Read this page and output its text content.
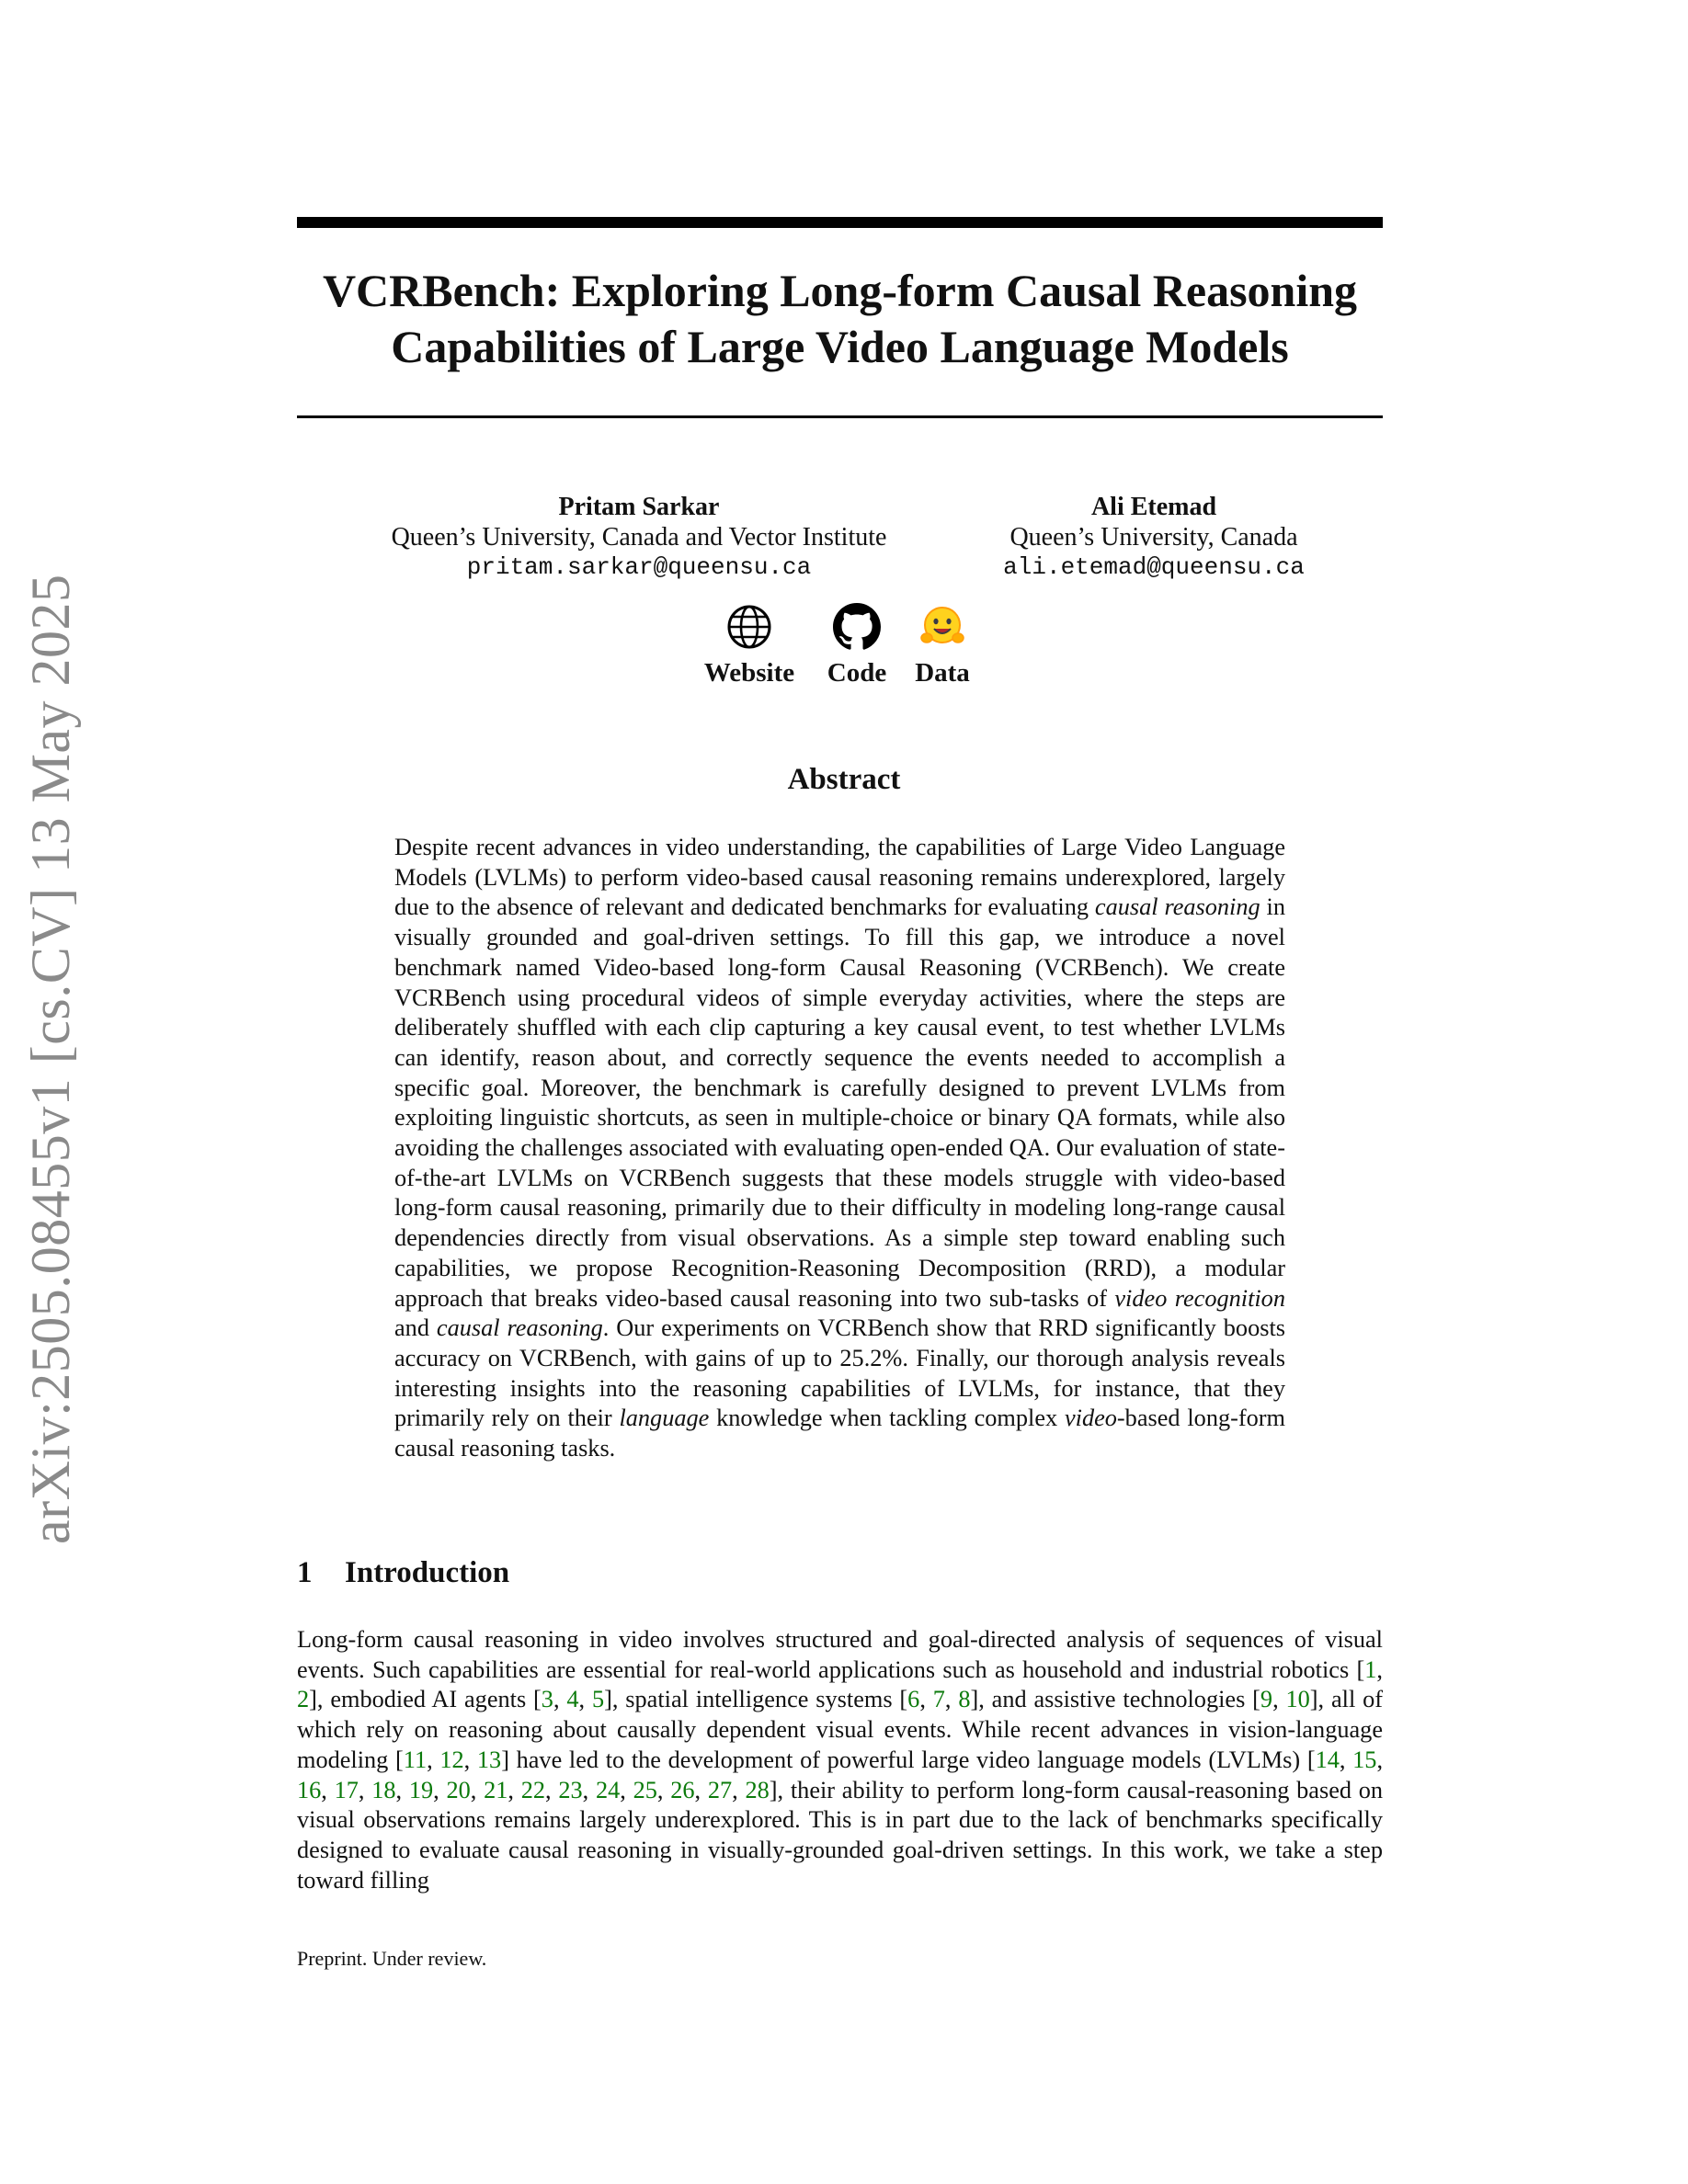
arXiv:2505.08455v1 [cs.CV] 13 May 2025
VCRBench: Exploring Long-form Causal Reasoning
Capabilities of Large Video Language Models
Pritam Sarkar
Queen’s University, Canada and Vector Institute
pritam.sarkar@queensu.ca
Ali Etemad
Queen’s University, Canada
ali.etemad@queensu.ca
Website	Code	Data
Abstract
Despite recent advances in video understanding, the capabilities of Large Video Language Models (LVLMs) to perform video-based causal reasoning remains underexplored, largely due to the absence of relevant and dedicated benchmarks for evaluating causal reasoning in visually grounded and goal-driven settings. To fill this gap, we introduce a novel benchmark named Video-based long-form Causal Reasoning (VCRBench). We create VCRBench using procedural videos of simple everyday activities, where the steps are deliberately shuffled with each clip capturing a key causal event, to test whether LVLMs can identify, reason about, and correctly sequence the events needed to accomplish a specific goal. Moreover, the benchmark is carefully designed to prevent LVLMs from exploiting linguistic shortcuts, as seen in multiple-choice or binary QA formats, while also avoiding the challenges associated with evaluating open-ended QA. Our evaluation of state-of-the-art LVLMs on VCRBench suggests that these models struggle with video-based long-form causal reasoning, primarily due to their difficulty in modeling long-range causal dependencies directly from visual observations. As a simple step toward enabling such capabilities, we propose Recognition-Reasoning Decomposition (RRD), a modular approach that breaks video-based causal reasoning into two sub-tasks of video recognition and causal reasoning. Our experiments on VCRBench show that RRD significantly boosts accuracy on VCRBench, with gains of up to 25.2%. Finally, our thorough analysis reveals interesting insights into the reasoning capabilities of LVLMs, for instance, that they primarily rely on their language knowledge when tackling complex video-based long-form causal reasoning tasks.
1 Introduction
Long-form causal reasoning in video involves structured and goal-directed analysis of sequences of visual events. Such capabilities are essential for real-world applications such as household and industrial robotics [1, 2], embodied AI agents [3, 4, 5], spatial intelligence systems [6, 7, 8], and assistive technologies [9, 10], all of which rely on reasoning about causally dependent visual events. While recent advances in vision-language modeling [11, 12, 13] have led to the development of powerful large video language models (LVLMs) [14, 15, 16, 17, 18, 19, 20, 21, 22, 23, 24, 25, 26, 27, 28], their ability to perform long-form causal-reasoning based on visual observations remains largely underexplored. This is in part due to the lack of benchmarks specifically designed to evaluate causal reasoning in visually-grounded goal-driven settings. In this work, we take a step toward filling
Preprint. Under review.
